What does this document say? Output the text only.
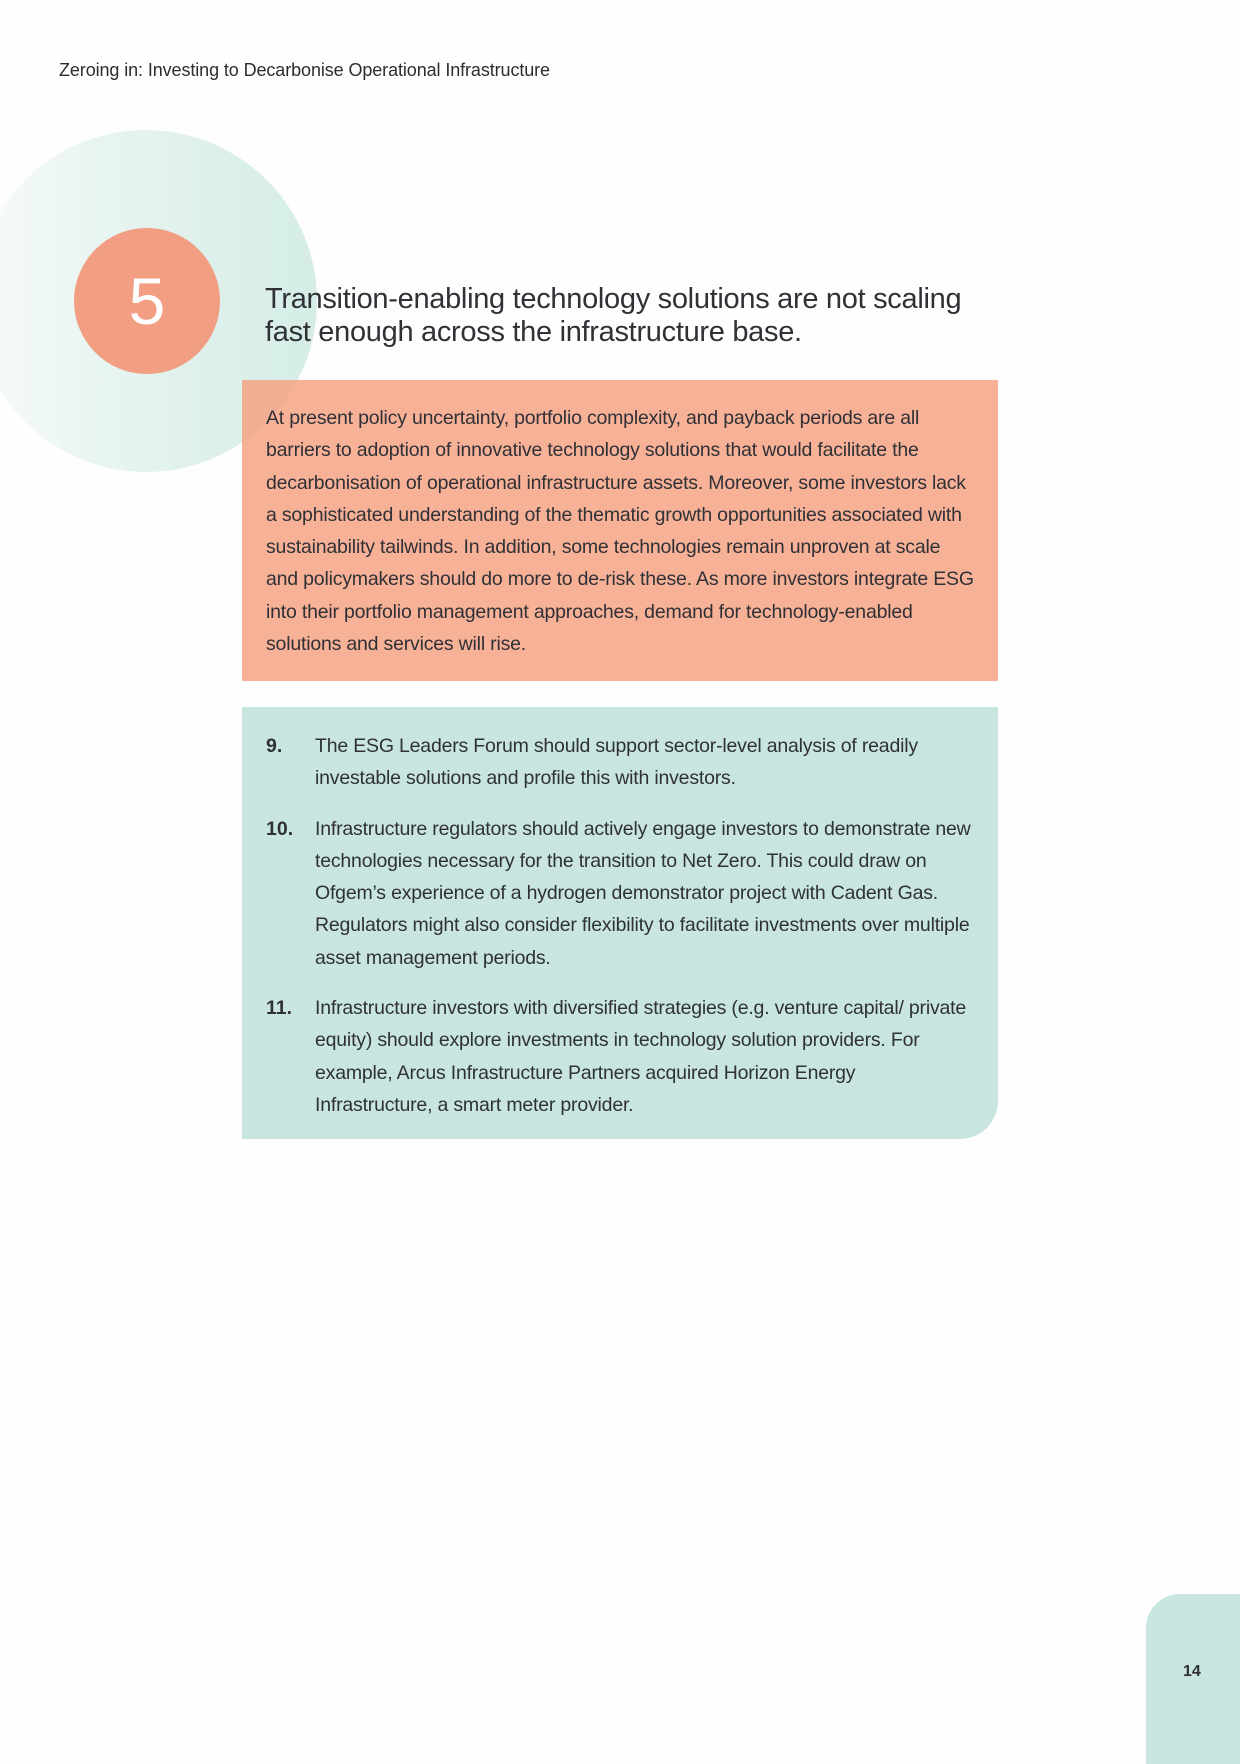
Zeroing in: Investing to Decarbonise Operational Infrastructure
5	Transition-enabling technology solutions are not scaling fast enough across the infrastructure base.
At present policy uncertainty, portfolio complexity, and payback periods are all barriers to adoption of innovative technology solutions that would facilitate the decarbonisation of operational infrastructure assets. Moreover, some investors lack a sophisticated understanding of the thematic growth opportunities associated with sustainability tailwinds. In addition, some technologies remain unproven at scale and policymakers should do more to de-risk these. As more investors integrate ESG into their portfolio management approaches, demand for technology-enabled solutions and services will rise.
9.	The ESG Leaders Forum should support sector-level analysis of readily investable solutions and profile this with investors.
10.	Infrastructure regulators should actively engage investors to demonstrate new technologies necessary for the transition to Net Zero. This could draw on Ofgem’s experience of a hydrogen demonstrator project with Cadent Gas. Regulators might also consider flexibility to facilitate investments over multiple asset management periods.
11.	Infrastructure investors with diversified strategies (e.g. venture capital/ private equity) should explore investments in technology solution providers. For example, Arcus Infrastructure Partners acquired Horizon Energy Infrastructure, a smart meter provider.
14
